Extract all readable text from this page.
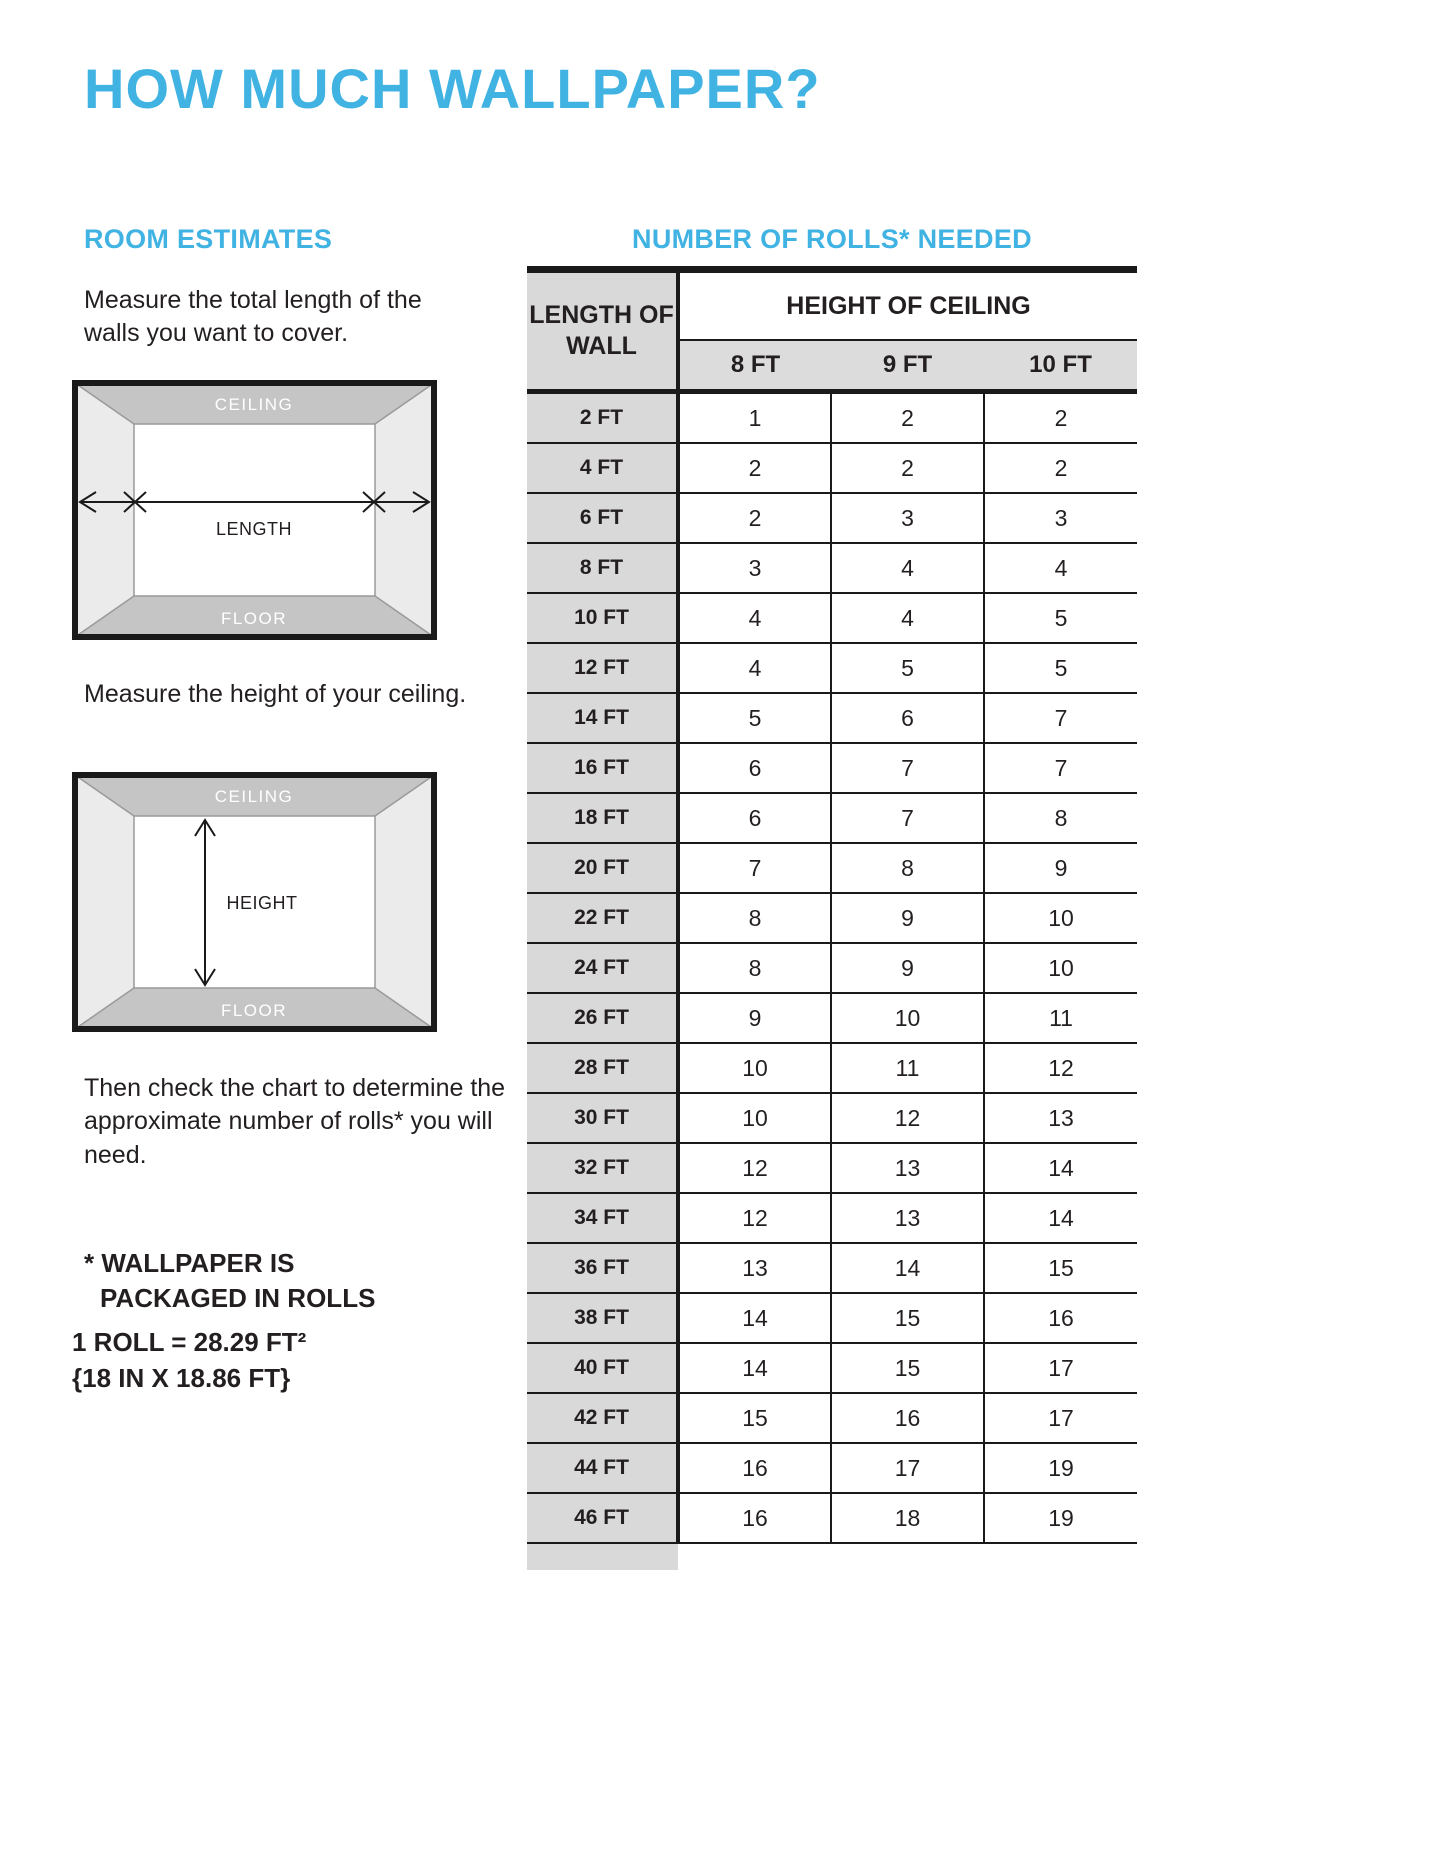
HOW MUCH WALLPAPER?
ROOM ESTIMATES
Measure the total length of the walls you want to cover.
CEILING
FLOOR
LENGTH
Measure the height of your ceiling.
CEILING
FLOOR
HEIGHT
Then check the chart to determine the approximate number of rolls* you will need.
* WALLPAPER IS
PACKAGED IN ROLLS
1 ROLL = 28.29 FT²
{18 IN X 18.86 FT}
NUMBER OF ROLLS* NEEDED
LENGTH OF WALL	HEIGHT OF CEILING		
	8 FT	9 FT	10 FT
2 FT	1	2	2
4 FT	2	2	2
6 FT	2	3	3
8 FT	3	4	4
10 FT	4	4	5
12 FT	4	5	5
14 FT	5	6	7
16 FT	6	7	7
18 FT	6	7	8
20 FT	7	8	9
22 FT	8	9	10
24 FT	8	9	10
26 FT	9	10	11
28 FT	10	11	12
30 FT	10	12	13
32 FT	12	13	14
34 FT	12	13	14
36 FT	13	14	15
38 FT	14	15	16
40 FT	14	15	17
42 FT	15	16	17
44 FT	16	17	19
46 FT	16	18	19
